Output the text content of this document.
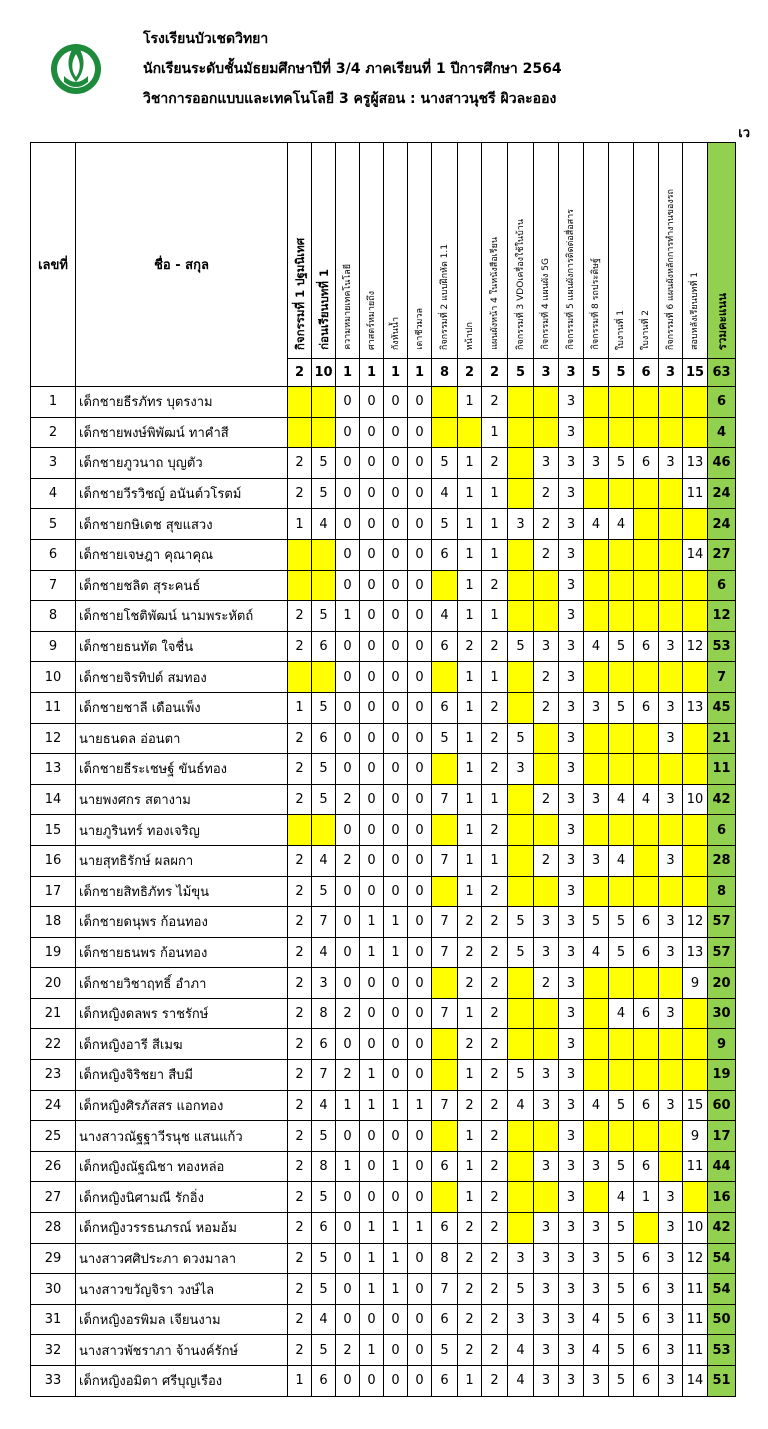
โรงเรียนบัวเชดวิทยา
นักเรียนระดับชั้นมัธยมศึกษาปีที่ 3/4 ภาคเรียนที่ 1 ปีการศึกษา 2564
วิชาการออกแบบและเทคโนโลยี 3 ครูผู้สอน : นางสาวนุชรี ผิวละออง
เว
เลขที่	ชื่อ - สกุล	กิจกรรมที่ 1 ปฐมนิเทศ	ก่อนเรียนบทที่ 1	ความหมายเทคโนโลยี	ศาสตร์หมายถึง	กังหันน้ำ	เตาชีวมวล	กิจกรรมที่ 2 แบบฝึกหัด 1.1	หน้าปก	แผนผังหน้า 4 ในหนังสือเรียน	กิจกรรมที่ 3 VDOเครื่องใช้ในบ้าน	กิจกรรมที่ 4 แผนผัง 5G	กิจกรรมที่ 5 แผนผังการติดต่อสื่อสาร	กิจกรรมที่ 8 รถประดิษฐ์	ใบงานที่ 1	ใบงานที่ 2	กิจกรรมที่ 6 แผนผังหลักการทำงานของรถ	สอบหลังเรียนบทที่ 1	รวมคะแนน
		2	10	1	1	1	1	8	2	2	5	3	3	5	5	6	3	15	63
1	เด็กชายธีรภัทร บุตรงาม			0	0	0	0		1	2			3						6
2	เด็กชายพงษ์พิพัฒน์ ทาคำสี			0	0	0	0			1			3						4
3	เด็กชายภูวนาถ บุญตัว	2	5	0	0	0	0	5	1	2		3	3	3	5	6	3	13	46
4	เด็กชายวีรวิชญ์ อนันต์วโรตม์	2	5	0	0	0	0	4	1	1		2	3					11	24
5	เด็กชายกษิเดช สุขแสวง	1	4	0	0	0	0	5	1	1	3	2	3	4	4				24
6	เด็กชายเจษฎา คุณาคุณ			0	0	0	0	6	1	1		2	3					14	27
7	เด็กชายชลิต สุระคนธ์			0	0	0	0		1	2			3						6
8	เด็กชายโชติพัฒน์ นามพระหัตถ์	2	5	1	0	0	0	4	1	1			3						12
9	เด็กชายธนทัต ใจชื่น	2	6	0	0	0	0	6	2	2	5	3	3	4	5	6	3	12	53
10	เด็กชายจิรทิปต์ สมทอง			0	0	0	0		1	1		2	3						7
11	เด็กชายชาลี เดือนเพ็ง	1	5	0	0	0	0	6	1	2		2	3	3	5	6	3	13	45
12	นายธนดล อ่อนตา	2	6	0	0	0	0	5	1	2	5		3				3		21
13	เด็กชายธีระเชษฐ์ ขันธ์ทอง	2	5	0	0	0	0		1	2	3		3						11
14	นายพงศกร สตางาม	2	5	2	0	0	0	7	1	1		2	3	3	4	4	3	10	42
15	นายภูรินทร์ ทองเจริญ			0	0	0	0		1	2			3						6
16	นายสุทธิรักษ์ ผลผกา	2	4	2	0	0	0	7	1	1		2	3	3	4		3		28
17	เด็กชายสิทธิภัทร ไม้ขุน	2	5	0	0	0	0		1	2			3						8
18	เด็กชายดนุพร ก้อนทอง	2	7	0	1	1	0	7	2	2	5	3	3	5	5	6	3	12	57
19	เด็กชายธนพร ก้อนทอง	2	4	0	1	1	0	7	2	2	5	3	3	4	5	6	3	13	57
20	เด็กชายวิชาฤทธิ์ อำภา	2	3	0	0	0	0		2	2		2	3					9	20
21	เด็กหญิงดลพร ราชรักษ์	2	8	2	0	0	0	7	1	2			3		4	6	3		30
22	เด็กหญิงอารี สีเมฆ	2	6	0	0	0	0		2	2			3						9
23	เด็กหญิงจิริชยา สืบมี	2	7	2	1	0	0		1	2	5	3	3						19
24	เด็กหญิงศิรภัสสร แอกทอง	2	4	1	1	1	1	7	2	2	4	3	3	4	5	6	3	15	60
25	นางสาวณัฐฐาวีรนุช แสนแก้ว	2	5	0	0	0	0		1	2			3					9	17
26	เด็กหญิงณัฐณิชา ทองหล่อ	2	8	1	0	1	0	6	1	2		3	3	3	5	6		11	44
27	เด็กหญิงนิศามณี รักอิ่ง	2	5	0	0	0	0		1	2			3		4	1	3		16
28	เด็กหญิงวรรธนภรณ์ หอมอ้ม	2	6	0	1	1	1	6	2	2		3	3	3	5		3	10	42
29	นางสาวศศิประภา ดวงมาลา	2	5	0	1	1	0	8	2	2	3	3	3	3	5	6	3	12	54
30	นางสาวขวัญจิรา วงษ์ไล	2	5	0	1	1	0	7	2	2	5	3	3	3	5	6	3	11	54
31	เด็กหญิงอรพิมล เจียนงาม	2	4	0	0	0	0	6	2	2	3	3	3	4	5	6	3	11	50
32	นางสาวพัชราภา จ้านงค์รักษ์	2	5	2	1	0	0	5	2	2	4	3	3	4	5	6	3	11	53
33	เด็กหญิงอมิตา ศรีบุญเรือง	1	6	0	0	0	0	6	1	2	4	3	3	3	5	6	3	14	51
